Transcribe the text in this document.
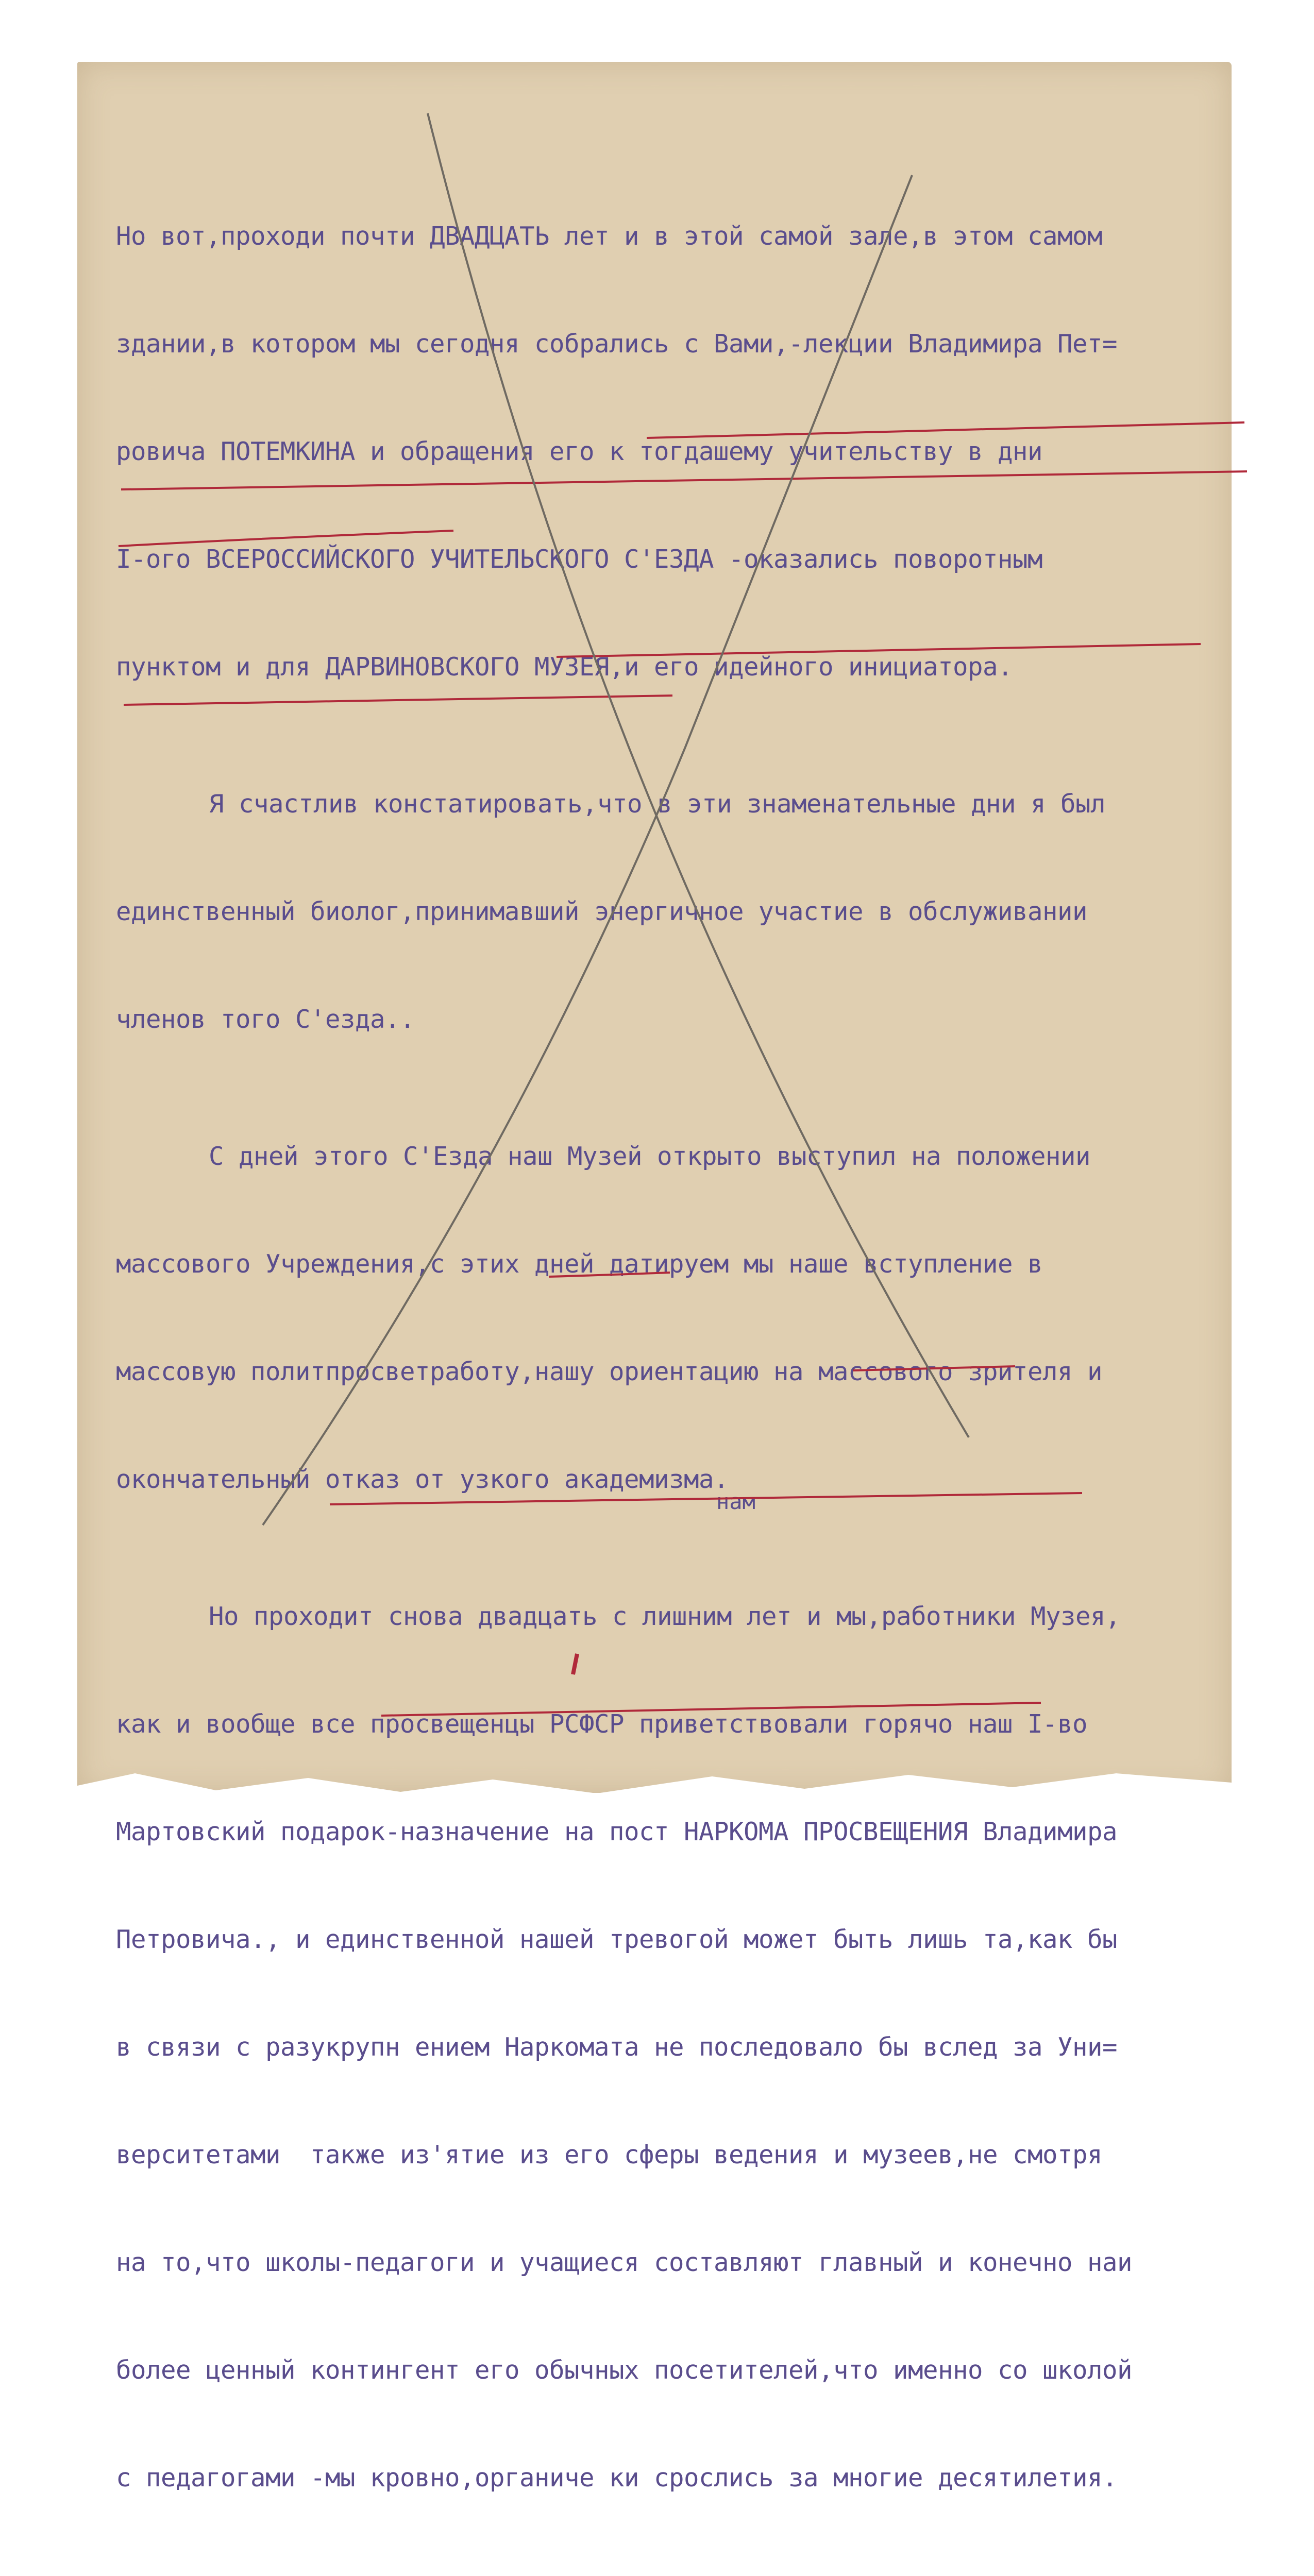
Но вот,проходи почти ДВАДЦАТЬ лет и в этой самой зале,в этом самом

здании,в котором мы сегодня собрались с Вами,-лекции Владимира Пет=

ровича ПОТЕМКИНА и обращения его к тогдашему учительству в дни

I-ого ВСЕРОССИЙСКОГО УЧИТЕЛЬСКОГО С'ЕЗДА -оказались поворотным

пунктом и для ДАРВИНОВСКОГО МУЗЕЯ,и его идейного инициатора.

Я счастлив констатировать,что в эти знаменательные дни я был

единственный биолог,принимавший энергичное участие в обслуживании

членов того С'езда..

С дней этого С'Езда наш Музей открыто выступил на положении

массового Учреждения,с этих дней датируем мы наше вступление в

массовую политпросветработу,нашу ориентацию на массового зрителя и

окончательный отказ от узкого академизма.

Но проходит снова двадцать с лишним лет и мы,работники Музея,

как и вообще все просвещенцы РСФСР приветствовали горячо наш I-во

Мартовский подарок-назначение на пост НАРКОМА ПРОСВЕЩЕНИЯ Владимира

Петровича., и единственной нашей тревогой может быть лишь та,как бы

в связи с разукрупн ением Наркомата не последовало бы вслед за Уни=

верситетами  также из'ятие из его сферы ведения и музеев,не смотря

на то,что школы-педагоги и учащиеся составляют главный и конечно наи

более ценный контингент его обычных посетителей,что именно со школой

с педагогами -мы кровно,органиче ки срослись за многие десятилетия.

нам
